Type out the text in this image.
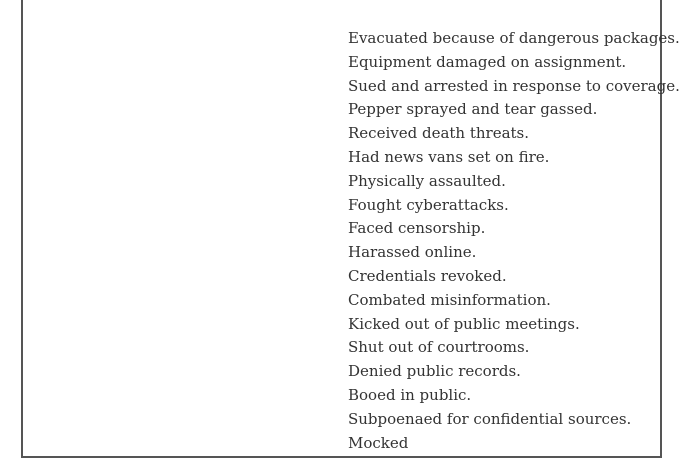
Evacuated because of dangerous packages.
Equipment damaged on assignment.
Sued and arrested in response to coverage.
Pepper sprayed and tear gassed.
Received death threats.
Had news vans set on fire.
Physically assaulted.
Fought cyberattacks.
Faced censorship.
Harassed online.
Credentials revoked.
Combated misinformation.
Kicked out of public meetings.
Shut out of courtrooms.
Denied public records.
Booed in public.
Subpoenaed for confidential sources.
Mocked
